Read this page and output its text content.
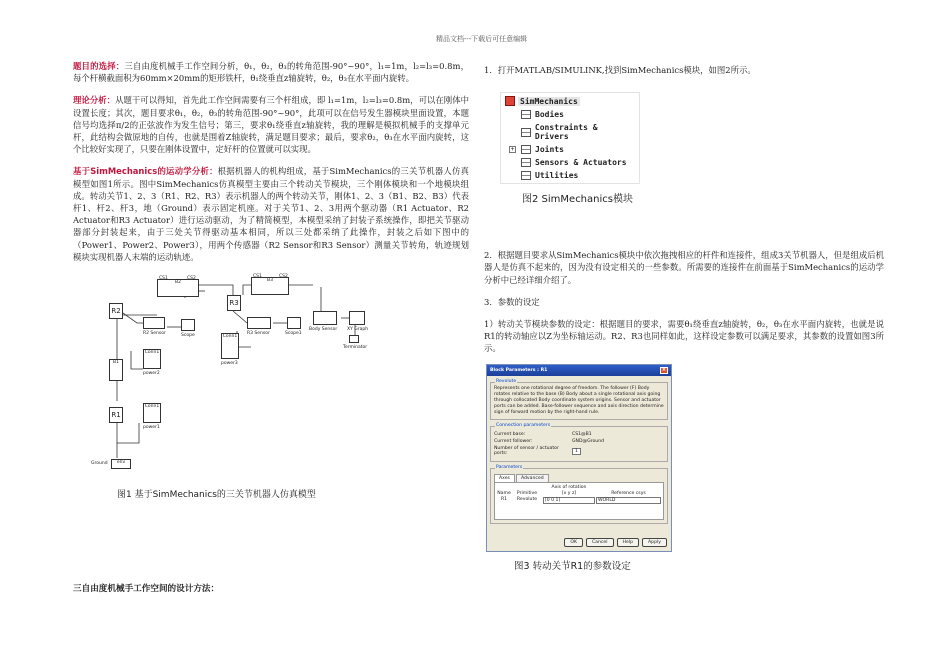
精品文档---下载后可任意编辑

题目的选择：三自由度机械手工作空间分析，θ₁，θ₂，θ₃的转角范围-90°~90°，l₁=1m，l₂=l₃=0.8m，每个杆横截面积为60mm×20mm的矩形铁杆，θ₁绕垂直z轴旋转，θ₂，θ₃在水平面内旋转。

理论分析：从题干可以得知，首先此工作空间需要有三个杆组成，即 l₁=1m，l₂=l₃=0.8m，可以在刚体中设置长度；其次，题目要求θ₁，θ₂，θ₃的转角范围-90°~90°，此项可以在信号发生器模块里面设置，本题信号均选择π/2的正弦波作为发生信号；第三，要求θ₁绕垂直z轴旋转，我的理解是模拟机械手的支撑单元杆，此结构会做原地的自传，也就是围着Z轴旋转，满足题目要求；最后，要求θ₂，θ₃在水平面内旋转，这个比较好实现了，只要在刚体设置中，定好杆的位置就可以实现。

基于SimMechanics的运动学分析：根据机器人的机构组成，基于SimMechanics的三关节机器人仿真模型如图1所示。图中SimMechanics仿真模型主要由三个转动关节模块，三个刚体模块和一个地模块组成。转动关节1、2、3（R1、R2、R3）表示机器人的两个转动关节，刚体1、2、3（B1、B2、B3）代表杆1、杆2、杆3，地（Ground）表示固定机座。对于关节1、2、3用两个驱动器（R1 Actuator、R2 Actuator和R3 Actuator）进行运动驱动，为了精简模型，本模型采纳了封装子系统操作，即把关节驱动器部分封装起来，由于三处关节得驱动基本相同，所以三处都采纳了此操作，封装之后如下图中的（Power1、Power2、Power3），用两个传感器（R2 Sensor和R3 Sensor）测量关节转角，轨迹规划模块实现机器人末端的运动轨迹。

B2
CS1	CS2
R3
B3
CS1	CS2
R2
R2 Sensor	Scope	R3 Sensor	Scope1
Body Sensor XY Graph
Terminator
Conn1
power3
Conn1
power2
B1
R1
Conn1
power1
env
Ground
图1 基于SimMechanics的三关节机器人仿真模型
三自由度机械手工作空间的设计方法：

1．打开MATLAB/SIMULINK,找到SimMechanics模块，如图2所示。

SimMechanics
Bodies
Constraints & Drivers
+	Joints
Sensors & Actuators
Utilities
图2 SimMechanics模块

2．根据题目要求从SimMechanics模块中依次拖拽相应的杆件和连接件，组成3关节机器人，但是组成后机器人是仿真不起来的，因为没有设定相关的一些参数。所需要的连接件在前面基于SimMechanics的运动学分析中已经详细介绍了。

3．参数的设定

1）转动关节模块参数的设定：根据题目的要求，需要θ₁绕垂直z轴旋转，θ₂，θ₃在水平面内旋转，也就是说R1的转动轴应以Z为坐标轴运动。R2、R3也同样如此，这样设定参数可以满足要求，其参数的设置如图3所示。

Block Parameters : R1	×
Revolute
Represents one rotational degree of freedom. The follower (F) Body rotates relative to the base (B) Body about a single rotational axis going through collocated Body coordinate system origins. Sensor and actuator ports can be added. Base-follower sequence and axis direction determine sign of forward motion by the right-hand rule.
Connection parameters
Current base:	CS1@B1
Current follower:	GND@Ground
Number of sensor / actuator ports:	1
Parameters
Axes	Advanced
Axis of rotation
Name	Primitive	[x y z]	Reference csys
R1	Revolute	[0 0 1]	WORLD
OK	Cancel	Help	Apply
图3 转动关节R1的参数设定
